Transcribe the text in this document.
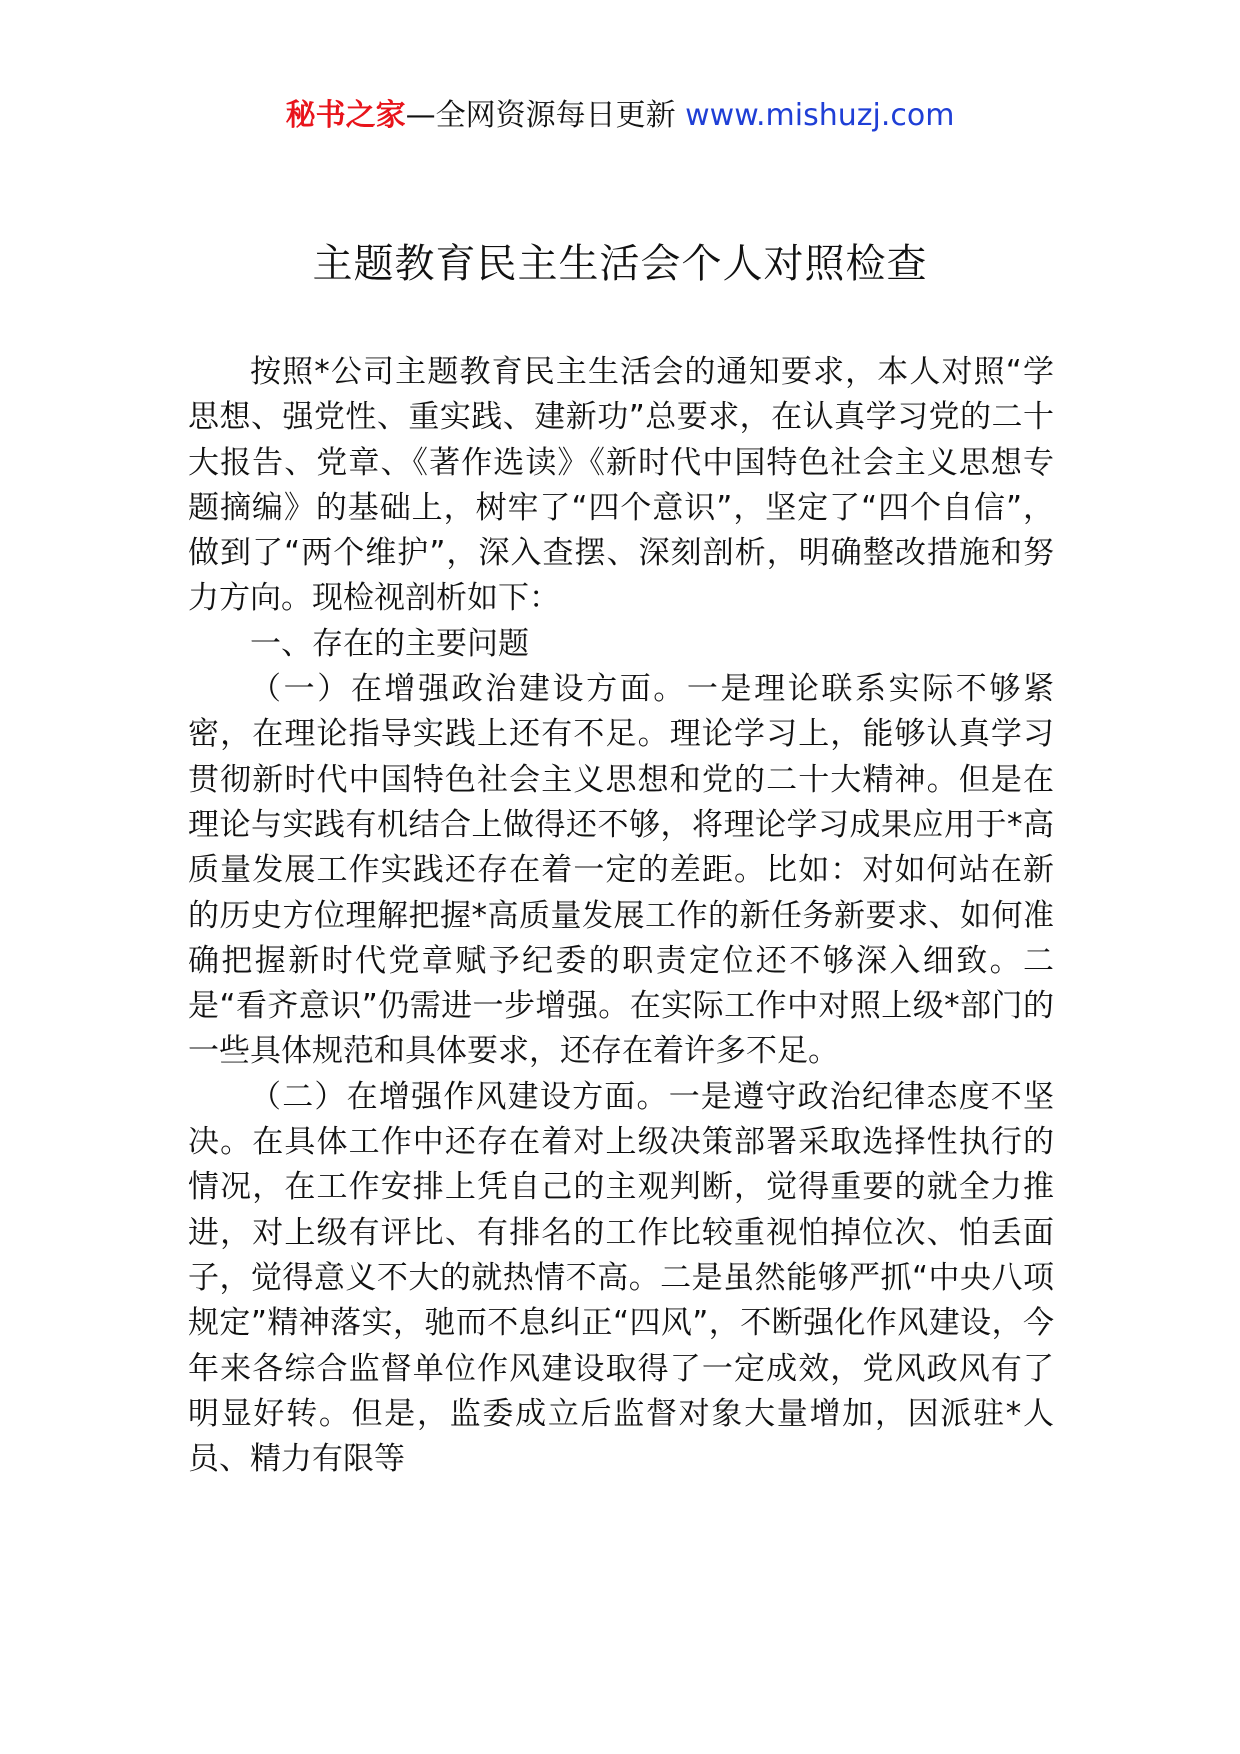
秘书之家—全网资源每日更新 www.mishuzj.com
主题教育民主生活会个人对照检查

按照*公司主题教育民主生活会的通知要求，本人对照“学思想、强党性、重实践、建新功”总要求，在认真学习党的二十大报告、党章、《著作选读》《新时代中国特色社会主义思想专题摘编》的基础上，树牢了“四个意识”，坚定了“四个自信”，做到了“两个维护”，深入查摆、深刻剖析，明确整改措施和努力方向。现检视剖析如下：

一、存在的主要问题

（一）在增强政治建设方面。一是理论联系实际不够紧密，在理论指导实践上还有不足。理论学习上，能够认真学习贯彻新时代中国特色社会主义思想和党的二十大精神。但是在理论与实践有机结合上做得还不够，将理论学习成果应用于*高质量发展工作实践还存在着一定的差距。比如：对如何站在新的历史方位理解把握*高质量发展工作的新任务新要求、如何准确把握新时代党章赋予纪委的职责定位还不够深入细致。二是“看齐意识”仍需进一步增强。在实际工作中对照上级*部门的一些具体规范和具体要求，还存在着许多不足。

（二）在增强作风建设方面。一是遵守政治纪律态度不坚决。在具体工作中还存在着对上级决策部署采取选择性执行的情况，在工作安排上凭自己的主观判断，觉得重要的就全力推进，对上级有评比、有排名的工作比较重视怕掉位次、怕丢面子，觉得意义不大的就热情不高。二是虽然能够严抓“中央八项规定”精神落实，驰而不息纠正“四风”，不断强化作风建设，今年来各综合监督单位作风建设取得了一定成效，党风政风有了明显好转。但是，监委成立后监督对象大量增加，因派驻*人员、精力有限等
